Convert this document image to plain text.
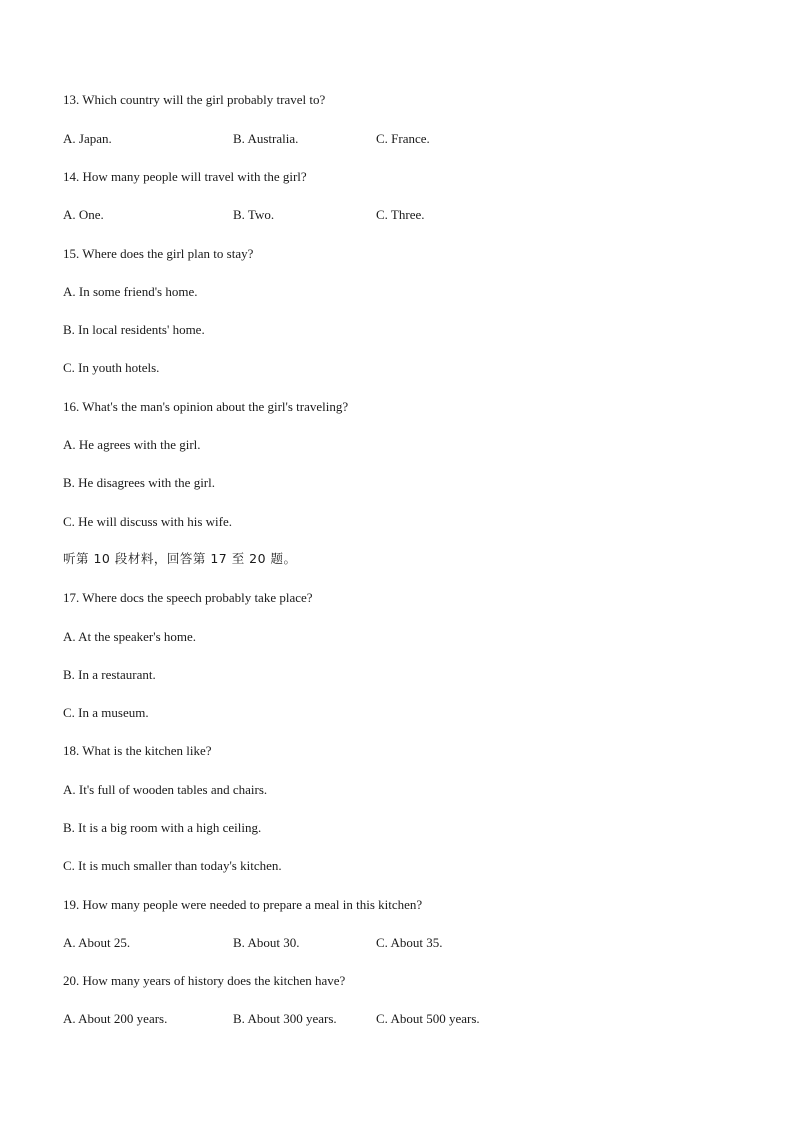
13. Which country will the girl probably travel to?
A. Japan.	B. Australia.	C. France.
14. How many people will travel with the girl?
A. One.	B. Two.	C. Three.
15. Where does the girl plan to stay?
A. In some friend's home.
B. In local residents' home.
C. In youth hotels.
16. What's the man's opinion about the girl's traveling?
A. He agrees with the girl.
B. He disagrees with the girl.
C. He will discuss with his wife.
听第 10 段材料，回答第 17 至 20 题。
17. Where docs the speech probably take place?
A. At the speaker's home.
B. In a restaurant.
C. In a museum.
18. What is the kitchen like?
A. It's full of wooden tables and chairs.
B. It is a big room with a high ceiling.
C. It is much smaller than today's kitchen.
19. How many people were needed to prepare a meal in this kitchen?
A. About 25.	B. About 30.	C. About 35.
20. How many years of history does the kitchen have?
A. About 200 years.	B. About 300 years.	C. About 500 years.
